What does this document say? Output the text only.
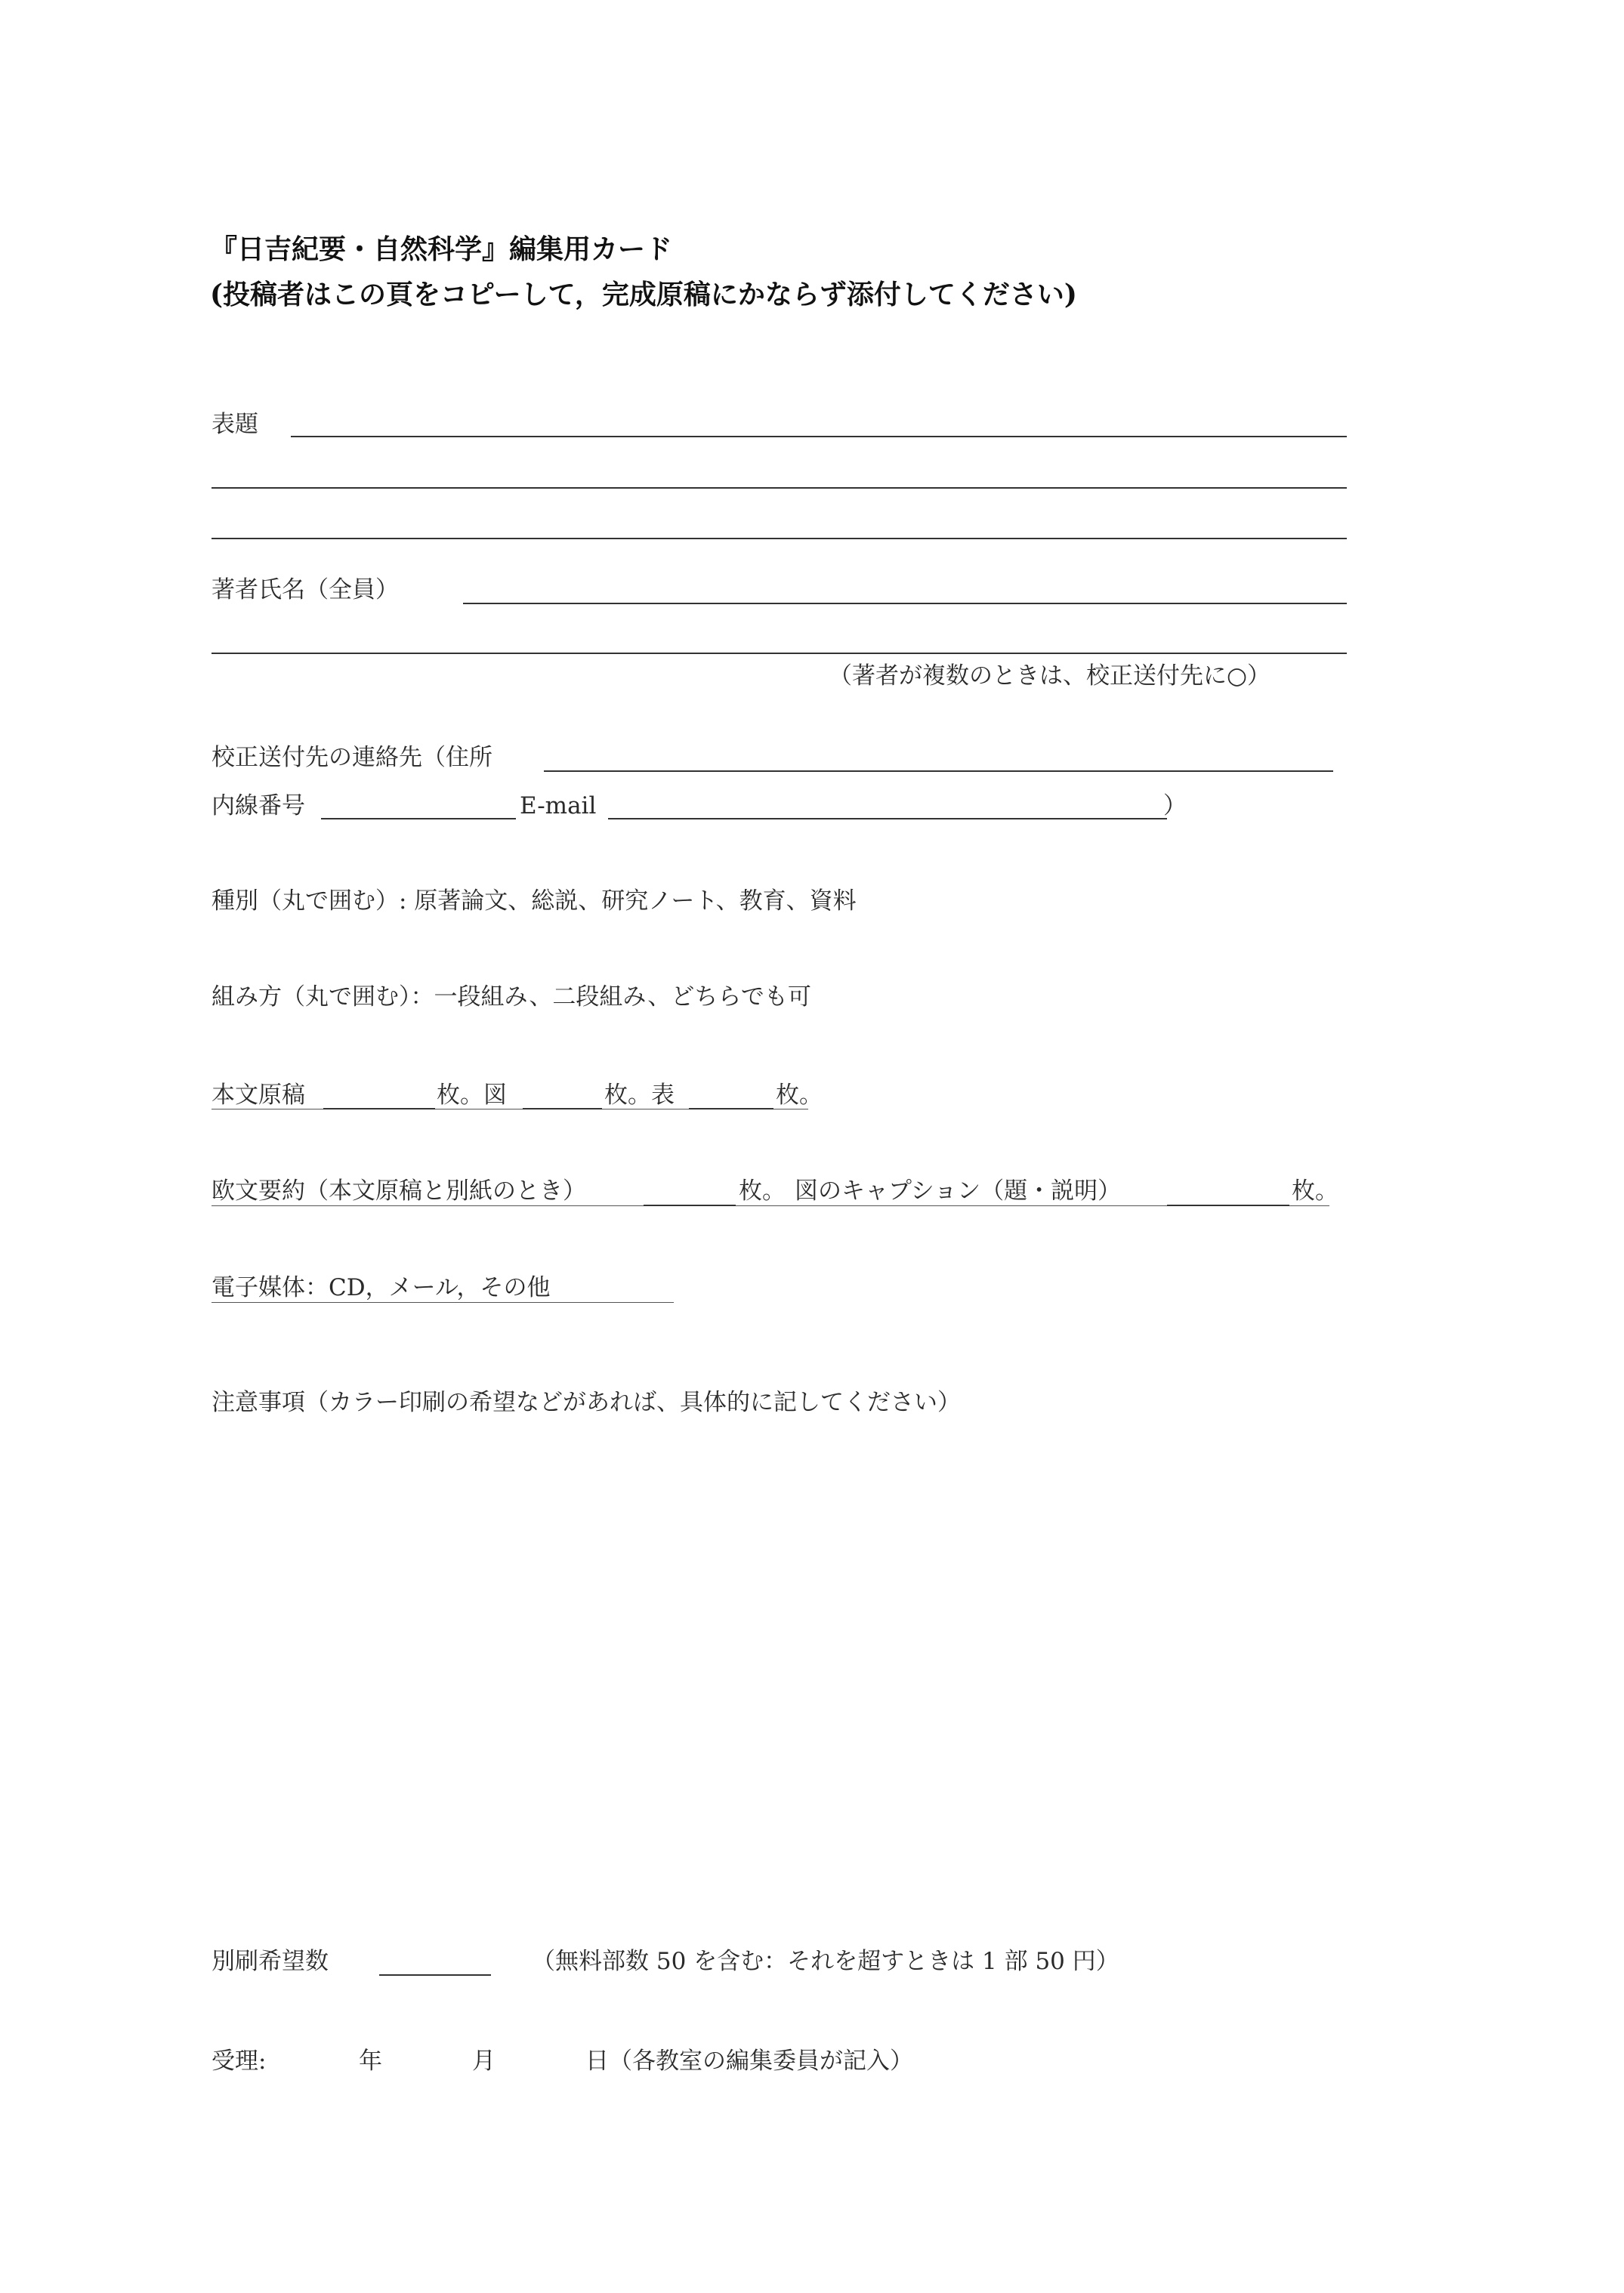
『日吉紀要・自然科学』編集用カード
(投稿者はこの頁をコピーして，完成原稿にかならず添付してください)
表題
著者氏名（全員）
（著者が複数のときは、校正送付先に○）
校正送付先の連絡先（住所
内線番号	E-mail	）
種別（丸で囲む）: 原著論文、総説、研究ノート、教育、資料
組み方（丸で囲む）：一段組み、二段組み、どちらでも可
本文原稿	枚。図	枚。表	枚。
欧文要約（本文原稿と別紙のとき）	枚。 図のキャプション（題・説明）	枚。
電子媒体：CD，メール，その他
注意事項（カラー印刷の希望などがあれば、具体的に記してください）
別刷希望数	（無料部数 50 を含む：それを超すときは 1 部 50 円）
受理:	年	月	日（各教室の編集委員が記入）
